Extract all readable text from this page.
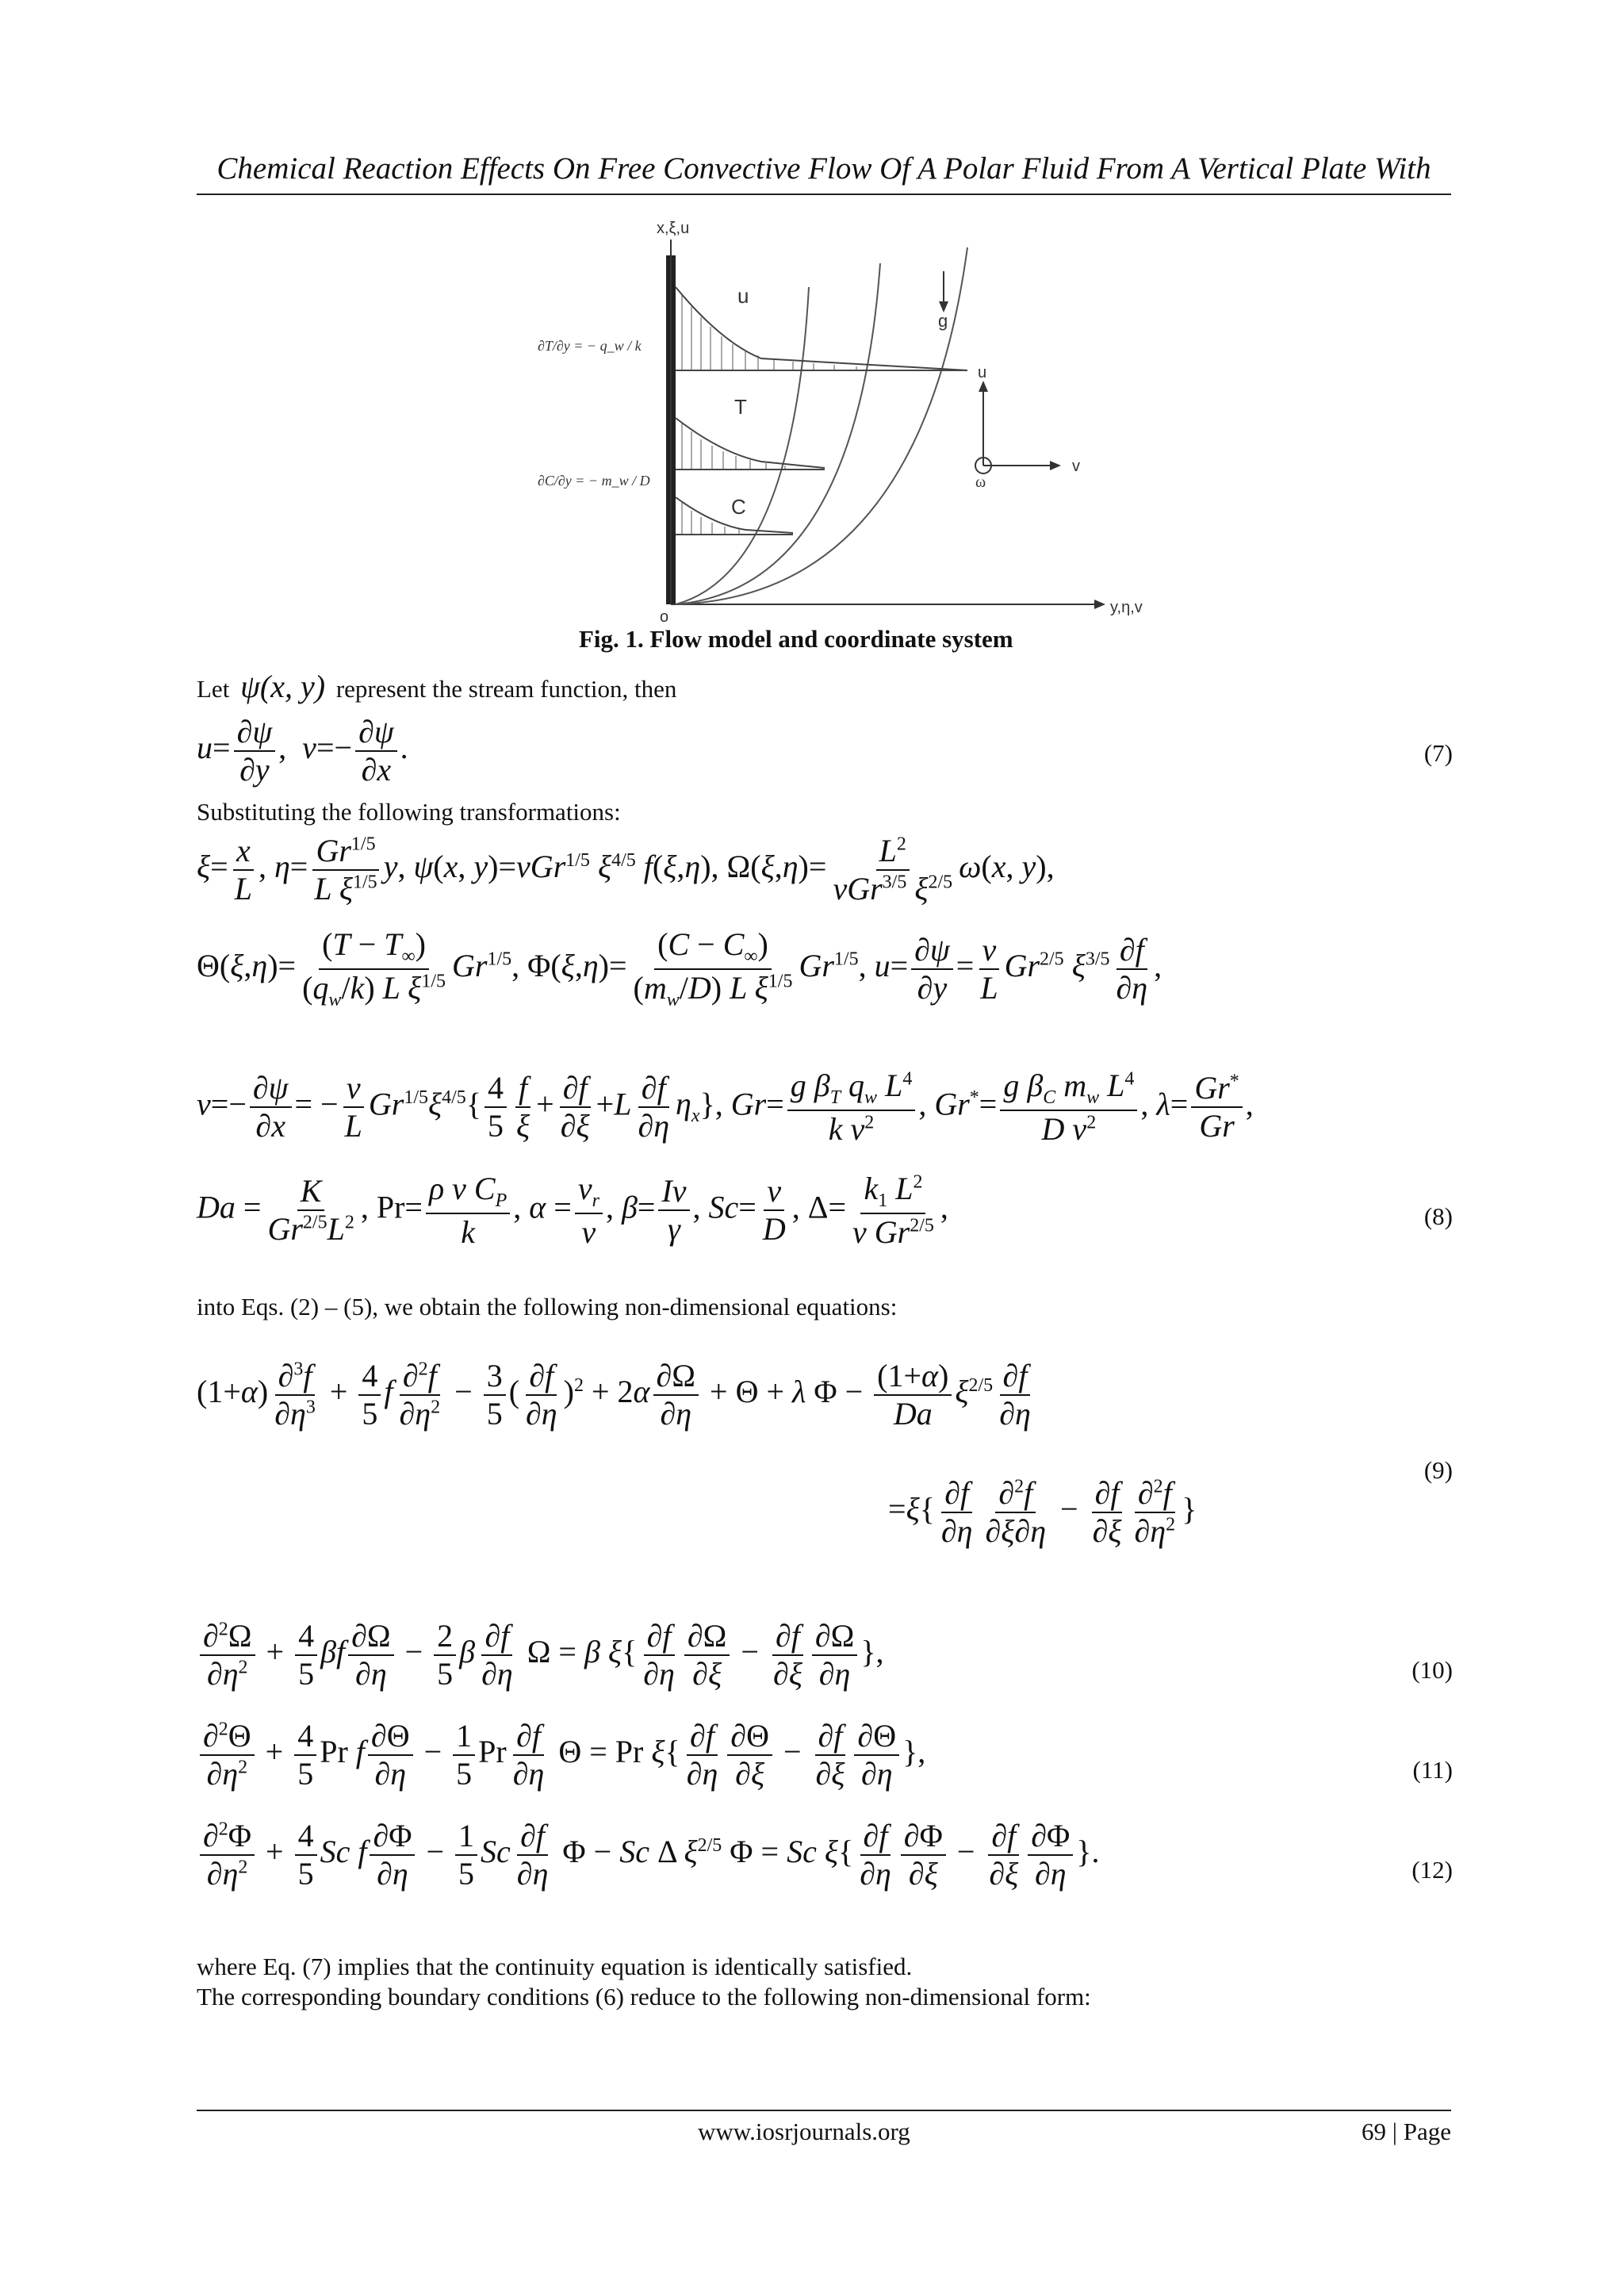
Chemical Reaction Effects On Free Convective Flow Of A Polar Fluid From A Vertical Plate With
x,ξ,u
y,η,v
o
u
T
C
g
u
v
ω
∂T/∂y = − q_w / k
∂C/∂y = − m_w / D
Fig. 1. Flow model and coordinate system
Let ψ(x, y) represent the stream function, then
$u= \frac{\partial\psi}{\partial y}$ ,  $v=- \frac{\partial\psi}{\partial x}$ .	(7)
Substituting the following transformations:
$\xi= \frac{x}{L}$ , $\eta= \frac{Gr^{1/5}}{L \xi^{1/5}} y$, ψ(x, y)=νGr$^{1/5}$ $\xi^{4/5}$ f(ξ,η), $\Omega(\xi,\eta)= \frac{L^2}{\nu Gr^{3/5} \xi^{2/5}} \omega(x$, y),
$\Theta(\xi,\eta)= \frac{(T - T_\infty)}{(q_w/k) L \xi^{1/5}} Gr^{1/5}$, $\Phi(\xi,\eta)= \frac{(C - C_\infty)}{(m_w/D) L \xi^{1/5}} Gr^{1/5}$, $u= \frac{\partial\psi}{\partial y} = \frac{\nu}{L} Gr^{2/5}$ $\xi^{3/5} \frac{\partial f}{\partial\eta}$ ,
$v=- \frac{\partial\psi}{\partial x}$ = − $\frac{\nu}{L} Gr^{1/5}\xi^{4/5}\{ \frac{4}{5} \frac{f}{\xi} + \frac{\partial f}{\partial\xi} +L \frac{\partial f}{\partial\eta} \eta_x\}$, $Gr= \frac{g \beta_T q_w L^4}{k \nu^2}$ , $Gr^*= \frac{g \beta_C m_w L^4}{D \nu^2}$ , $\lambda= \frac{Gr^*}{Gr}$ ,
$Da = \frac{K}{Gr^{2/5}L^2}$ , $Pr= \frac{\rho \nu C_P}{k}$ , $\alpha = \frac{\nu_r}{\nu}$ , $\beta= \frac{I\nu}{\gamma}$ , $Sc= \frac{\nu}{D}$ , $\Delta= \frac{k_1 L^2}{\nu Gr^{2/5}}$ ,	(8)
into Eqs. (2) – (5), we obtain the following non-dimensional equations:
$(1+\alpha) \frac{\partial^3f}{\partial\eta^3} + \frac{4}{5}$ f $\frac{\partial^2f}{\partial\eta^2} - \frac{3}{5}$ ( $\frac{\partial f}{\partial\eta} )^2 + 2\alpha \frac{\partial\Omega}{\partial\eta} + \Theta + \lambda$ $\Phi - \frac{(1+\alpha)}{Da} \xi^{2/5} \frac{\partial f}{\partial\eta}$
$=\xi\{ \frac{\partial f}{\partial\eta} \frac{\partial^2f}{\partial\xi\partial\eta} - \frac{\partial f}{\partial\xi} \frac{\partial^2f}{\partial\eta^2}$ }
(9)
$\frac{\partial^2\Omega}{\partial\eta^2} + \frac{4}{5}$ βf $\frac{\partial\Omega}{\partial\eta} - \frac{2}{5}$ β $\frac{\partial f}{\partial\eta}$ Ω = β $\xi\{ \frac{\partial f}{\partial\eta} \frac{\partial\Omega}{\partial\xi} - \frac{\partial f}{\partial\xi} \frac{\partial\Omega}{\partial\eta}$ },
(10)
$\frac{\partial^2\Theta}{\partial\eta^2} + \frac{4}{5}$ Pr f $\frac{\partial\Theta}{\partial\eta} - \frac{1}{5}$ Pr $\frac{\partial f}{\partial\eta}$ Θ = Pr $\xi\{ \frac{\partial f}{\partial\eta} \frac{\partial\Theta}{\partial\xi} - \frac{\partial f}{\partial\xi} \frac{\partial\Theta}{\partial\eta}$ },
(11)
$\frac{\partial^2\Phi}{\partial\eta^2} + \frac{4}{5}$ Sc f $\frac{\partial\Phi}{\partial\eta} - \frac{1}{5}$ Sc $\frac{\partial f}{\partial\eta}$ Φ − Sc Δ $\xi^{2/5}$ Φ = Sc $\xi\{ \frac{\partial f}{\partial\eta} \frac{\partial\Phi}{\partial\xi} - \frac{\partial f}{\partial\xi} \frac{\partial\Phi}{\partial\eta}$ }.
(12)
where Eq. (7) implies that the continuity equation is identically satisfied.
The corresponding boundary conditions (6) reduce to the following non-dimensional form:
www.iosrjournals.org	69 | Page
